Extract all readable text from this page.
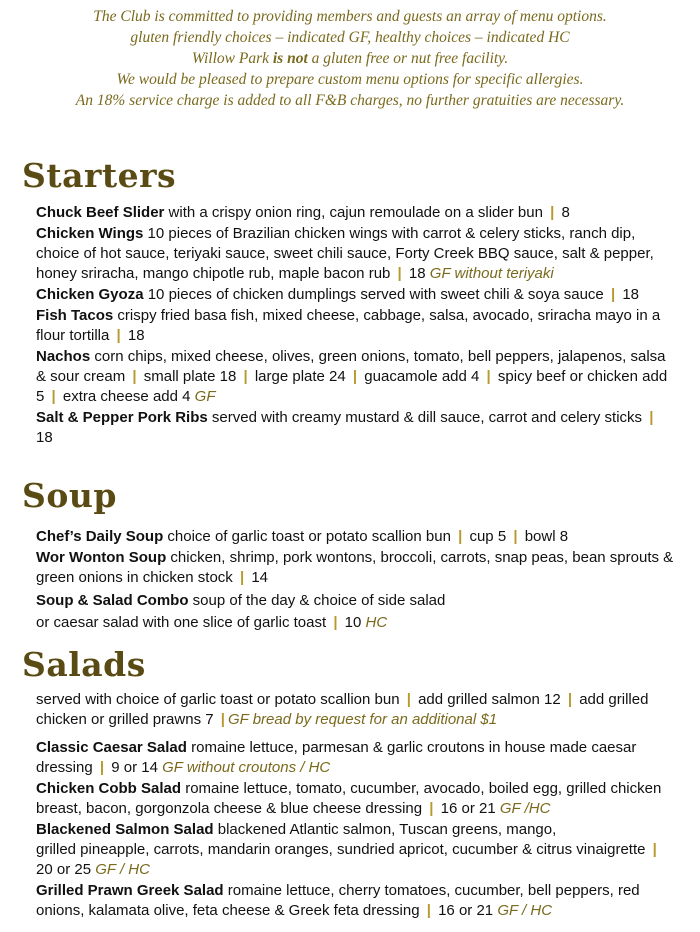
The Club is committed to providing members and guests an array of menu options.
gluten friendly choices – indicated GF, healthy choices – indicated HC
Willow Park is not a gluten free or nut free facility.
We would be pleased to prepare custom menu options for specific allergies.
An 18% service charge is added to all F&B charges, no further gratuities are necessary.
Starters

Chuck Beef Slider with a crispy onion ring, cajun remoulade on a slider bun | 8

Chicken Wings 10 pieces of Brazilian chicken wings with carrot & celery sticks, ranch dip, choice of hot sauce, teriyaki sauce, sweet chili sauce, Forty Creek BBQ sauce, salt & pepper, honey sriracha, mango chipotle rub, maple bacon rub | 18 GF without teriyaki

Chicken Gyoza 10 pieces of chicken dumplings served with sweet chili & soya sauce | 18

Fish Tacos crispy fried basa fish, mixed cheese, cabbage, salsa, avocado, sriracha mayo in a flour tortilla | 18

Nachos corn chips, mixed cheese, olives, green onions, tomato, bell peppers, jalapenos, salsa & sour cream | small plate 18 | large plate 24 | guacamole add 4 | spicy beef or chicken add 5 | extra cheese add 4 GF

Salt & Pepper Pork Ribs served with creamy mustard & dill sauce, carrot and celery sticks | 18

Soup

Chef’s Daily Soup choice of garlic toast or potato scallion bun | cup 5 | bowl 8

Wor Wonton Soup chicken, shrimp, pork wontons, broccoli, carrots, snap peas, bean sprouts & green onions in chicken stock | 14

Soup & Salad Combo soup of the day & choice of side salad

or caesar salad with one slice of garlic toast | 10 HC

Salads

served with choice of garlic toast or potato scallion bun | add grilled salmon 12 | add grilled chicken or grilled prawns 7 | GF bread by request for an additional $1

Classic Caesar Salad romaine lettuce, parmesan & garlic croutons in house made caesar dressing | 9 or 14 GF without croutons / HC

Chicken Cobb Salad romaine lettuce, tomato, cucumber, avocado, boiled egg, grilled chicken breast, bacon, gorgonzola cheese & blue cheese dressing | 16 or 21 GF /HC

Blackened Salmon Salad blackened Atlantic salmon, Tuscan greens, mango,
grilled pineapple, carrots, mandarin oranges, sundried apricot, cucumber & citrus vinaigrette | 20 or 25 GF / HC

Grilled Prawn Greek Salad romaine lettuce, cherry tomatoes, cucumber, bell peppers, red onions, kalamata olive, feta cheese & Greek feta dressing | 16 or 21 GF / HC
